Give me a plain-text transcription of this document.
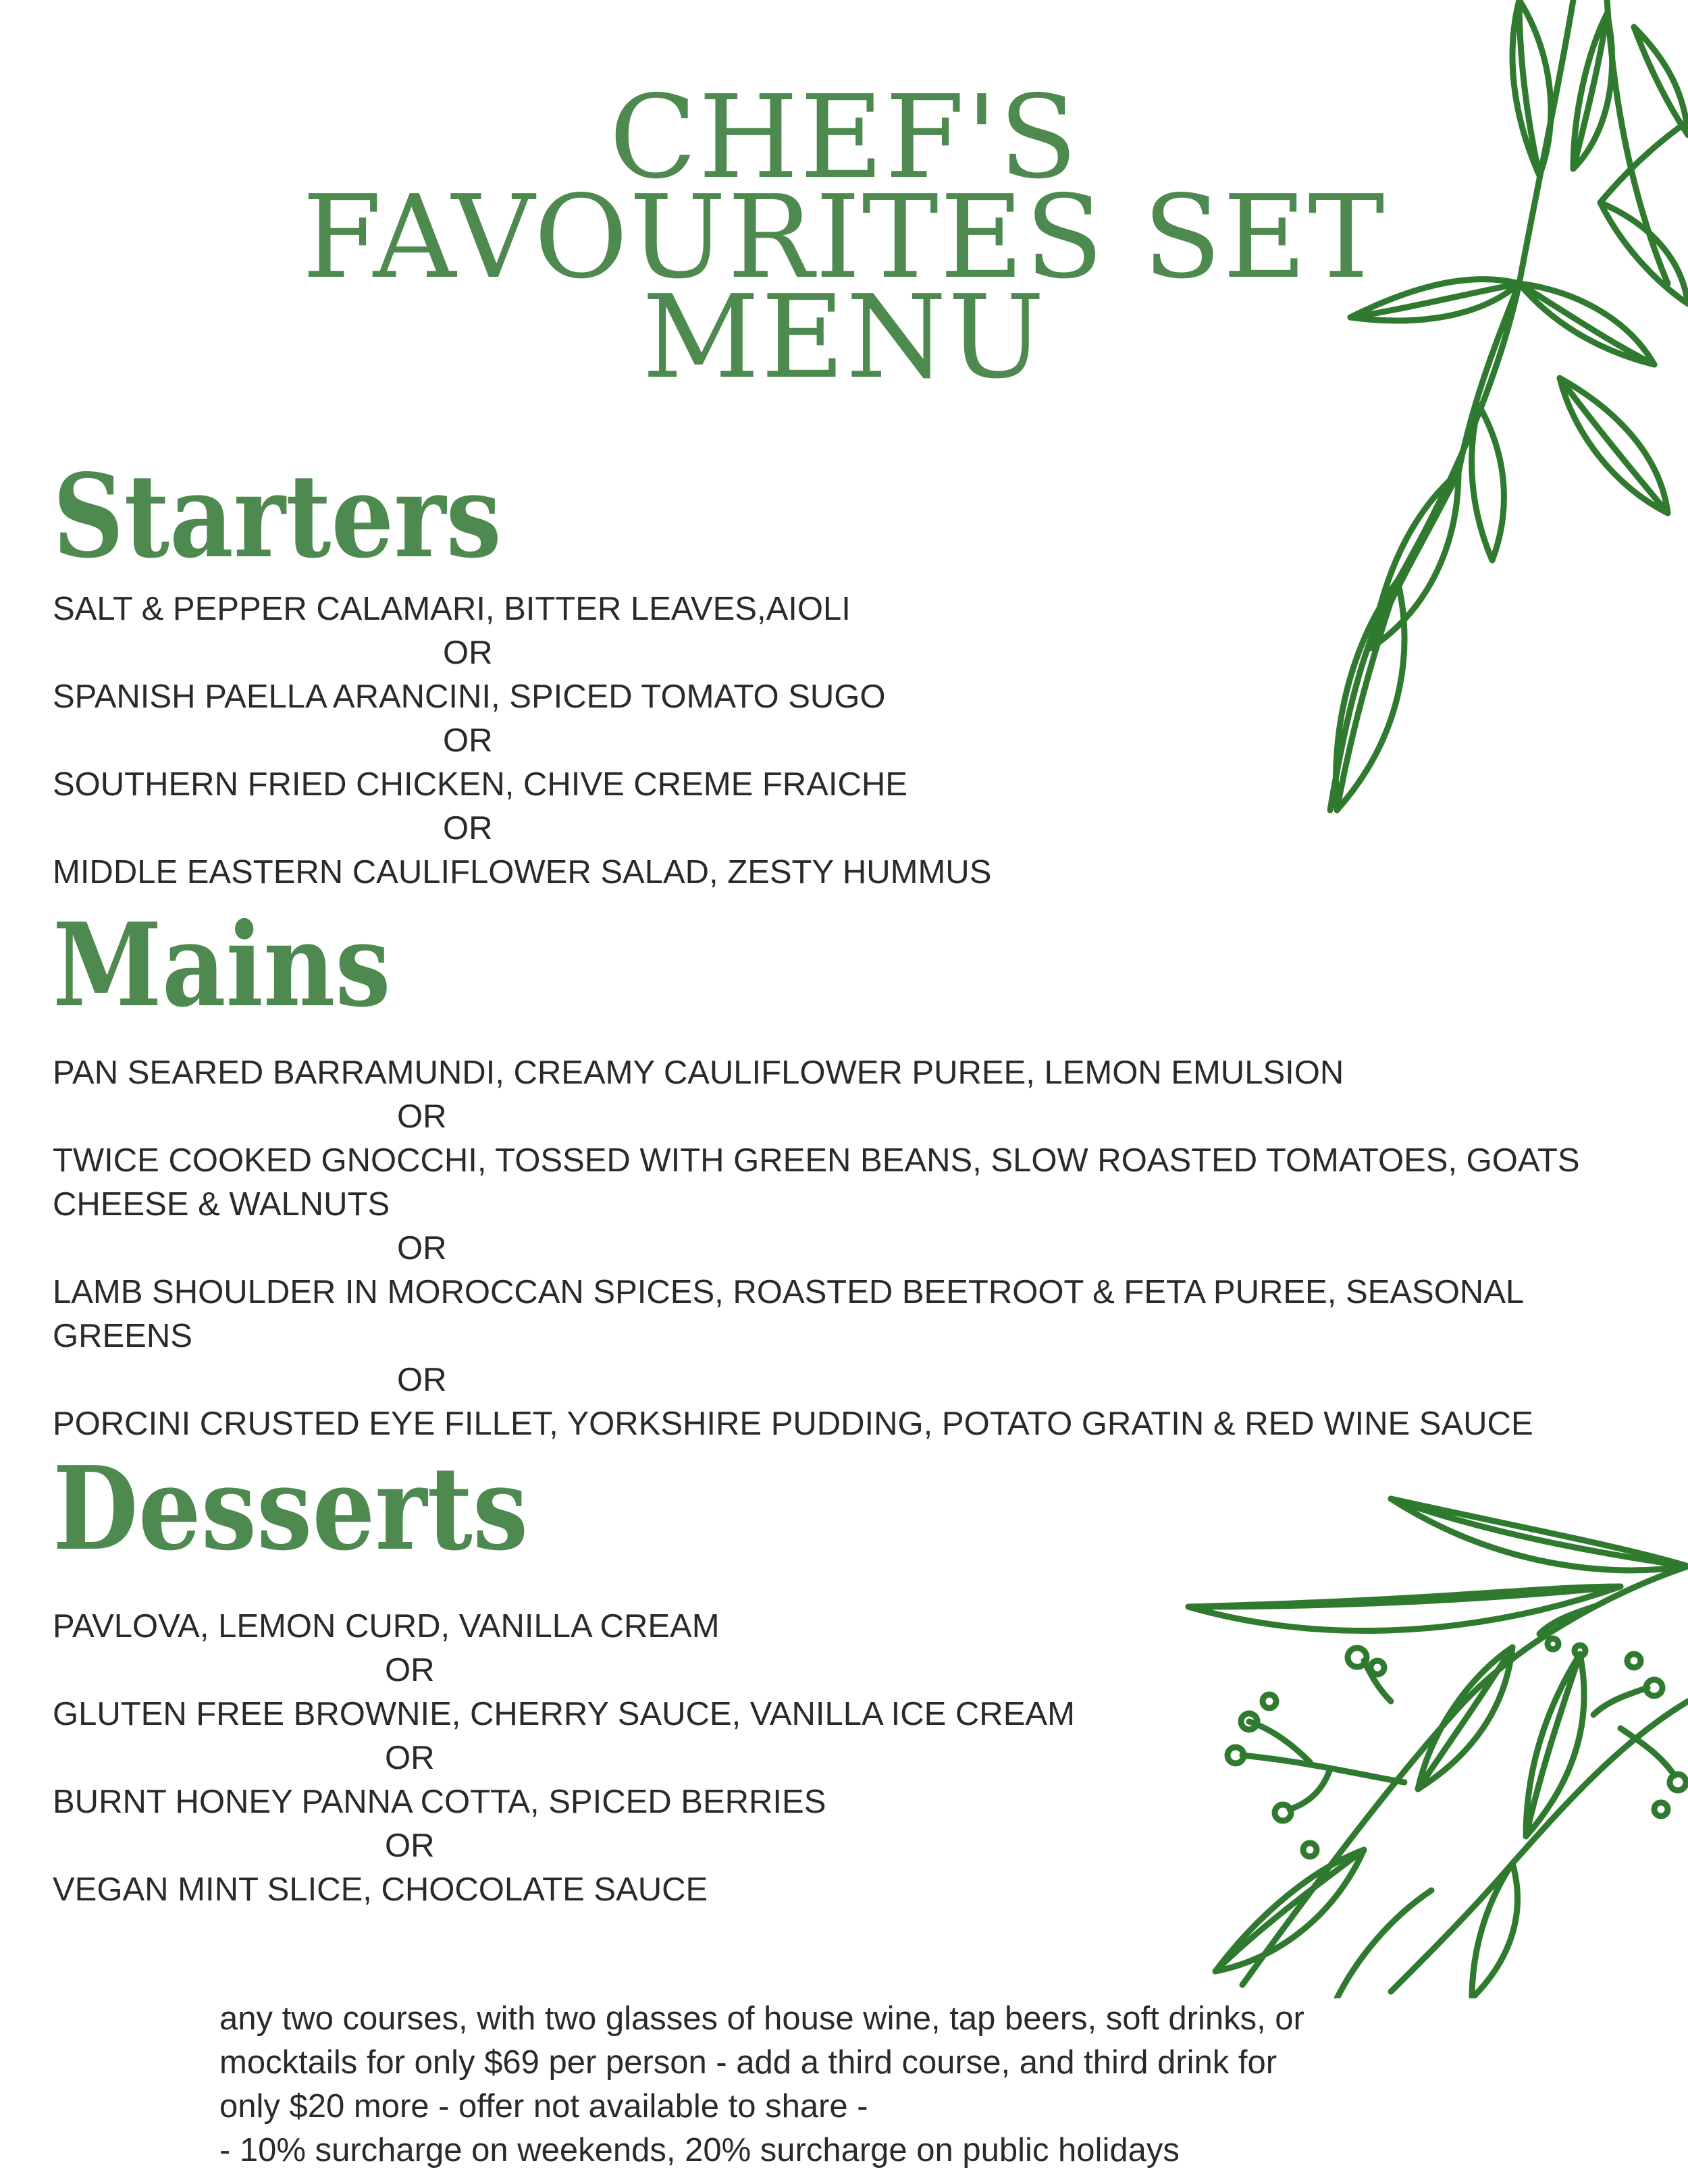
CHEF'S
FAVOURITES SET
MENU
Starters
SALT & PEPPER CALAMARI, BITTER LEAVES,AIOLI
OR
SPANISH PAELLA ARANCINI, SPICED TOMATO SUGO
OR
SOUTHERN FRIED CHICKEN, CHIVE CREME FRAICHE
OR
MIDDLE EASTERN CAULIFLOWER SALAD, ZESTY HUMMUS
Mains
PAN SEARED BARRAMUNDI, CREAMY CAULIFLOWER PUREE, LEMON EMULSION
OR
TWICE COOKED GNOCCHI, TOSSED WITH GREEN BEANS, SLOW ROASTED TOMATOES, GOATS CHEESE & WALNUTS
OR
LAMB SHOULDER IN MOROCCAN SPICES, ROASTED BEETROOT & FETA PUREE, SEASONAL GREENS
OR
PORCINI CRUSTED EYE FILLET, YORKSHIRE PUDDING, POTATO GRATIN & RED WINE SAUCE
Desserts
PAVLOVA, LEMON CURD, VANILLA CREAM
OR
GLUTEN FREE BROWNIE, CHERRY SAUCE, VANILLA ICE CREAM
OR
BURNT HONEY PANNA COTTA, SPICED BERRIES
OR
VEGAN MINT SLICE, CHOCOLATE SAUCE
any two courses, with two glasses of house wine, tap beers, soft drinks, or
mocktails for only $69 per person - add a third course, and third drink for
only $20 more - offer not available to share -
- 10% surcharge on weekends, 20% surcharge on public holidays
